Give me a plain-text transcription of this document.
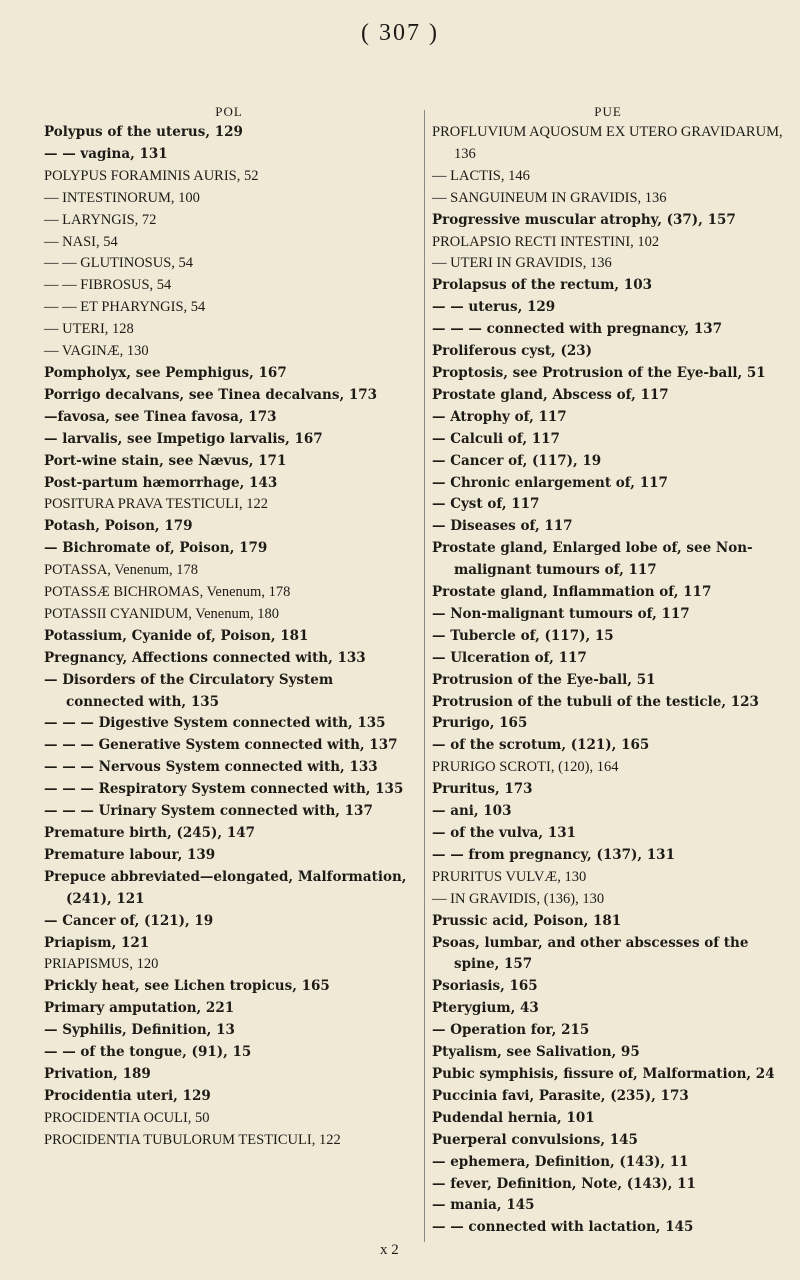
( 307 )
POL
Polypus of the uterus, 129
— — vagina, 131
POLYPUS FORAMINIS AURIS, 52
— INTESTINORUM, 100
— LARYNGIS, 72
— NASI, 54
— — GLUTINOSUS, 54
— — FIBROSUS, 54
— — ET PHARYNGIS, 54
— UTERI, 128
— VAGINÆ, 130
Pompholyx, see Pemphigus, 167
Porrigo decalvans, see Tinea decalvans, 173
—favosa, see Tinea favosa, 173
— larvalis, see Impetigo larvalis, 167
Port-wine stain, see Nævus, 171
Post-partum hæmorrhage, 143
POSITURA PRAVA TESTICULI, 122
Potash, Poison, 179
— Bichromate of, Poison, 179
POTASSA, Venenum, 178
POTASSÆ BICHROMAS, Venenum, 178
POTASSII CYANIDUM, Venenum, 180
Potassium, Cyanide of, Poison, 181
Pregnancy, Affections connected with, 133
— Disorders of the Circulatory System connected with, 135
— — — Digestive System connected with, 135
— — — Generative System connected with, 137
— — — Nervous System connected with, 133
— — — Respiratory System connected with, 135
— — — Urinary System connected with, 137
Premature birth, (245), 147
Premature labour, 139
Prepuce abbreviated—elongated, Malformation, (241), 121
— Cancer of, (121), 19
Priapism, 121
PRIAPISMUS, 120
Prickly heat, see Lichen tropicus, 165
Primary amputation, 221
— Syphilis, Definition, 13
— — of the tongue, (91), 15
Privation, 189
Procidentia uteri, 129
PROCIDENTIA OCULI, 50
PROCIDENTIA TUBULORUM TESTICULI, 122
PUE
PROFLUVIUM AQUOSUM EX UTERO GRAVIDARUM, 136
— LACTIS, 146
— SANGUINEUM IN GRAVIDIS, 136
Progressive muscular atrophy, (37), 157
PROLAPSIO RECTI INTESTINI, 102
— UTERI IN GRAVIDIS, 136
Prolapsus of the rectum, 103
— — uterus, 129
— — — connected with pregnancy, 137
Proliferous cyst, (23)
Proptosis, see Protrusion of the Eye-ball, 51
Prostate gland, Abscess of, 117
— Atrophy of, 117
— Calculi of, 117
— Cancer of, (117), 19
— Chronic enlargement of, 117
— Cyst of, 117
— Diseases of, 117
Prostate gland, Enlarged lobe of, see Non-malignant tumours of, 117
Prostate gland, Inflammation of, 117
— Non-malignant tumours of, 117
— Tubercle of, (117), 15
— Ulceration of, 117
Protrusion of the Eye-ball, 51
Protrusion of the tubuli of the testicle, 123
Prurigo, 165
— of the scrotum, (121), 165
PRURIGO SCROTI, (120), 164
Pruritus, 173
— ani, 103
— of the vulva, 131
— — from pregnancy, (137), 131
PRURITUS VULVÆ, 130
— IN GRAVIDIS, (136), 130
Prussic acid, Poison, 181
Psoas, lumbar, and other abscesses of the spine, 157
Psoriasis, 165
Pterygium, 43
— Operation for, 215
Ptyalism, see Salivation, 95
Pubic symphisis, fissure of, Malformation, 24
Puccinia favi, Parasite, (235), 173
Pudendal hernia, 101
Puerperal convulsions, 145
— ephemera, Definition, (143), 11
— fever, Definition, Note, (143), 11
— mania, 145
— — connected with lactation, 145
x 2
